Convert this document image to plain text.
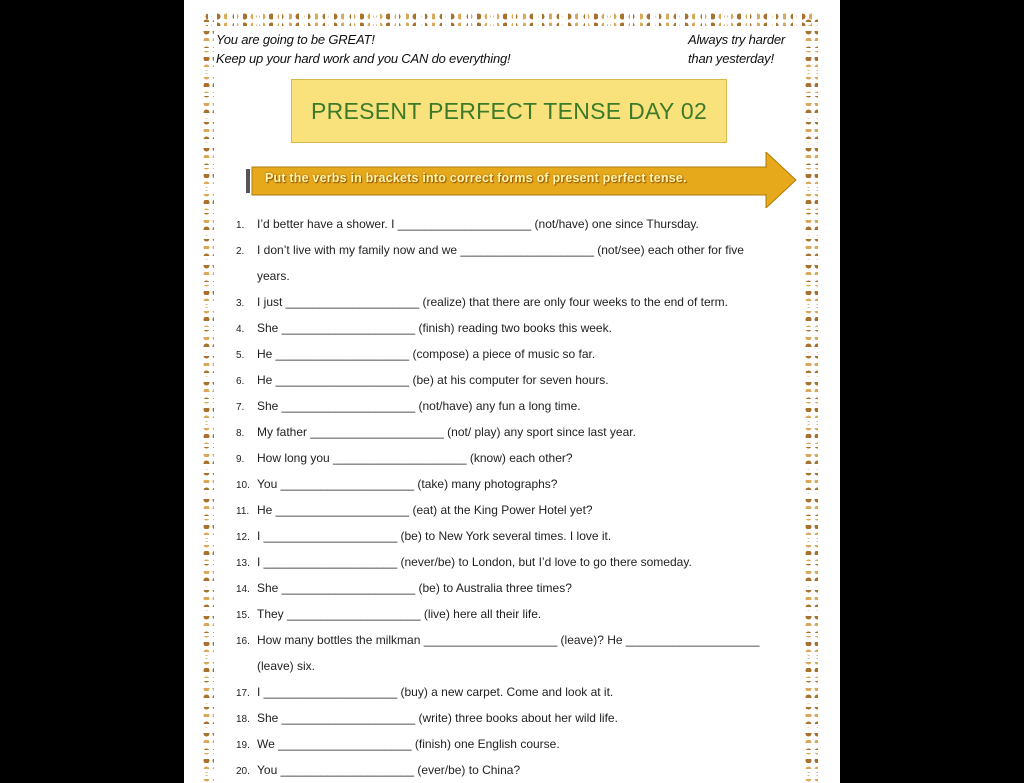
You are going to be GREAT!
Keep up your hard work and you CAN do everything!
Always try harder
than yesterday!
PRESENT PERFECT TENSE DAY 02
Put the verbs in brackets into correct forms of present perfect tense.
1. I’d better have a shower. I ____________________ (not/have) one since Thursday.
2. I don’t live with my family now and we ____________________ (not/see) each other for five
years.
3. I just ____________________ (realize) that there are only four weeks to the end of term.
4. She ____________________ (finish) reading two books this week.
5. He ____________________ (compose) a piece of music so far.
6. He ____________________ (be) at his computer for seven hours.
7. She ____________________ (not/have) any fun a long time.
8. My father ____________________ (not/ play) any sport since last year.
9. How long you ____________________ (know) each other?
10. You ____________________ (take) many photographs?
11. He ____________________ (eat) at the King Power Hotel yet?
12. I ____________________ (be) to New York several times. I love it.
13. I ____________________ (never/be) to London, but I’d love to go there someday.
14. She ____________________ (be) to Australia three times?
15. They ____________________ (live) here all their life.
16. How many bottles the milkman ____________________ (leave)? He ____________________
(leave) six.
17. I ____________________ (buy) a new carpet. Come and look at it.
18. She ____________________ (write) three books about her wild life.
19. We ____________________ (finish) one English course.
20. You ____________________ (ever/be) to China?
